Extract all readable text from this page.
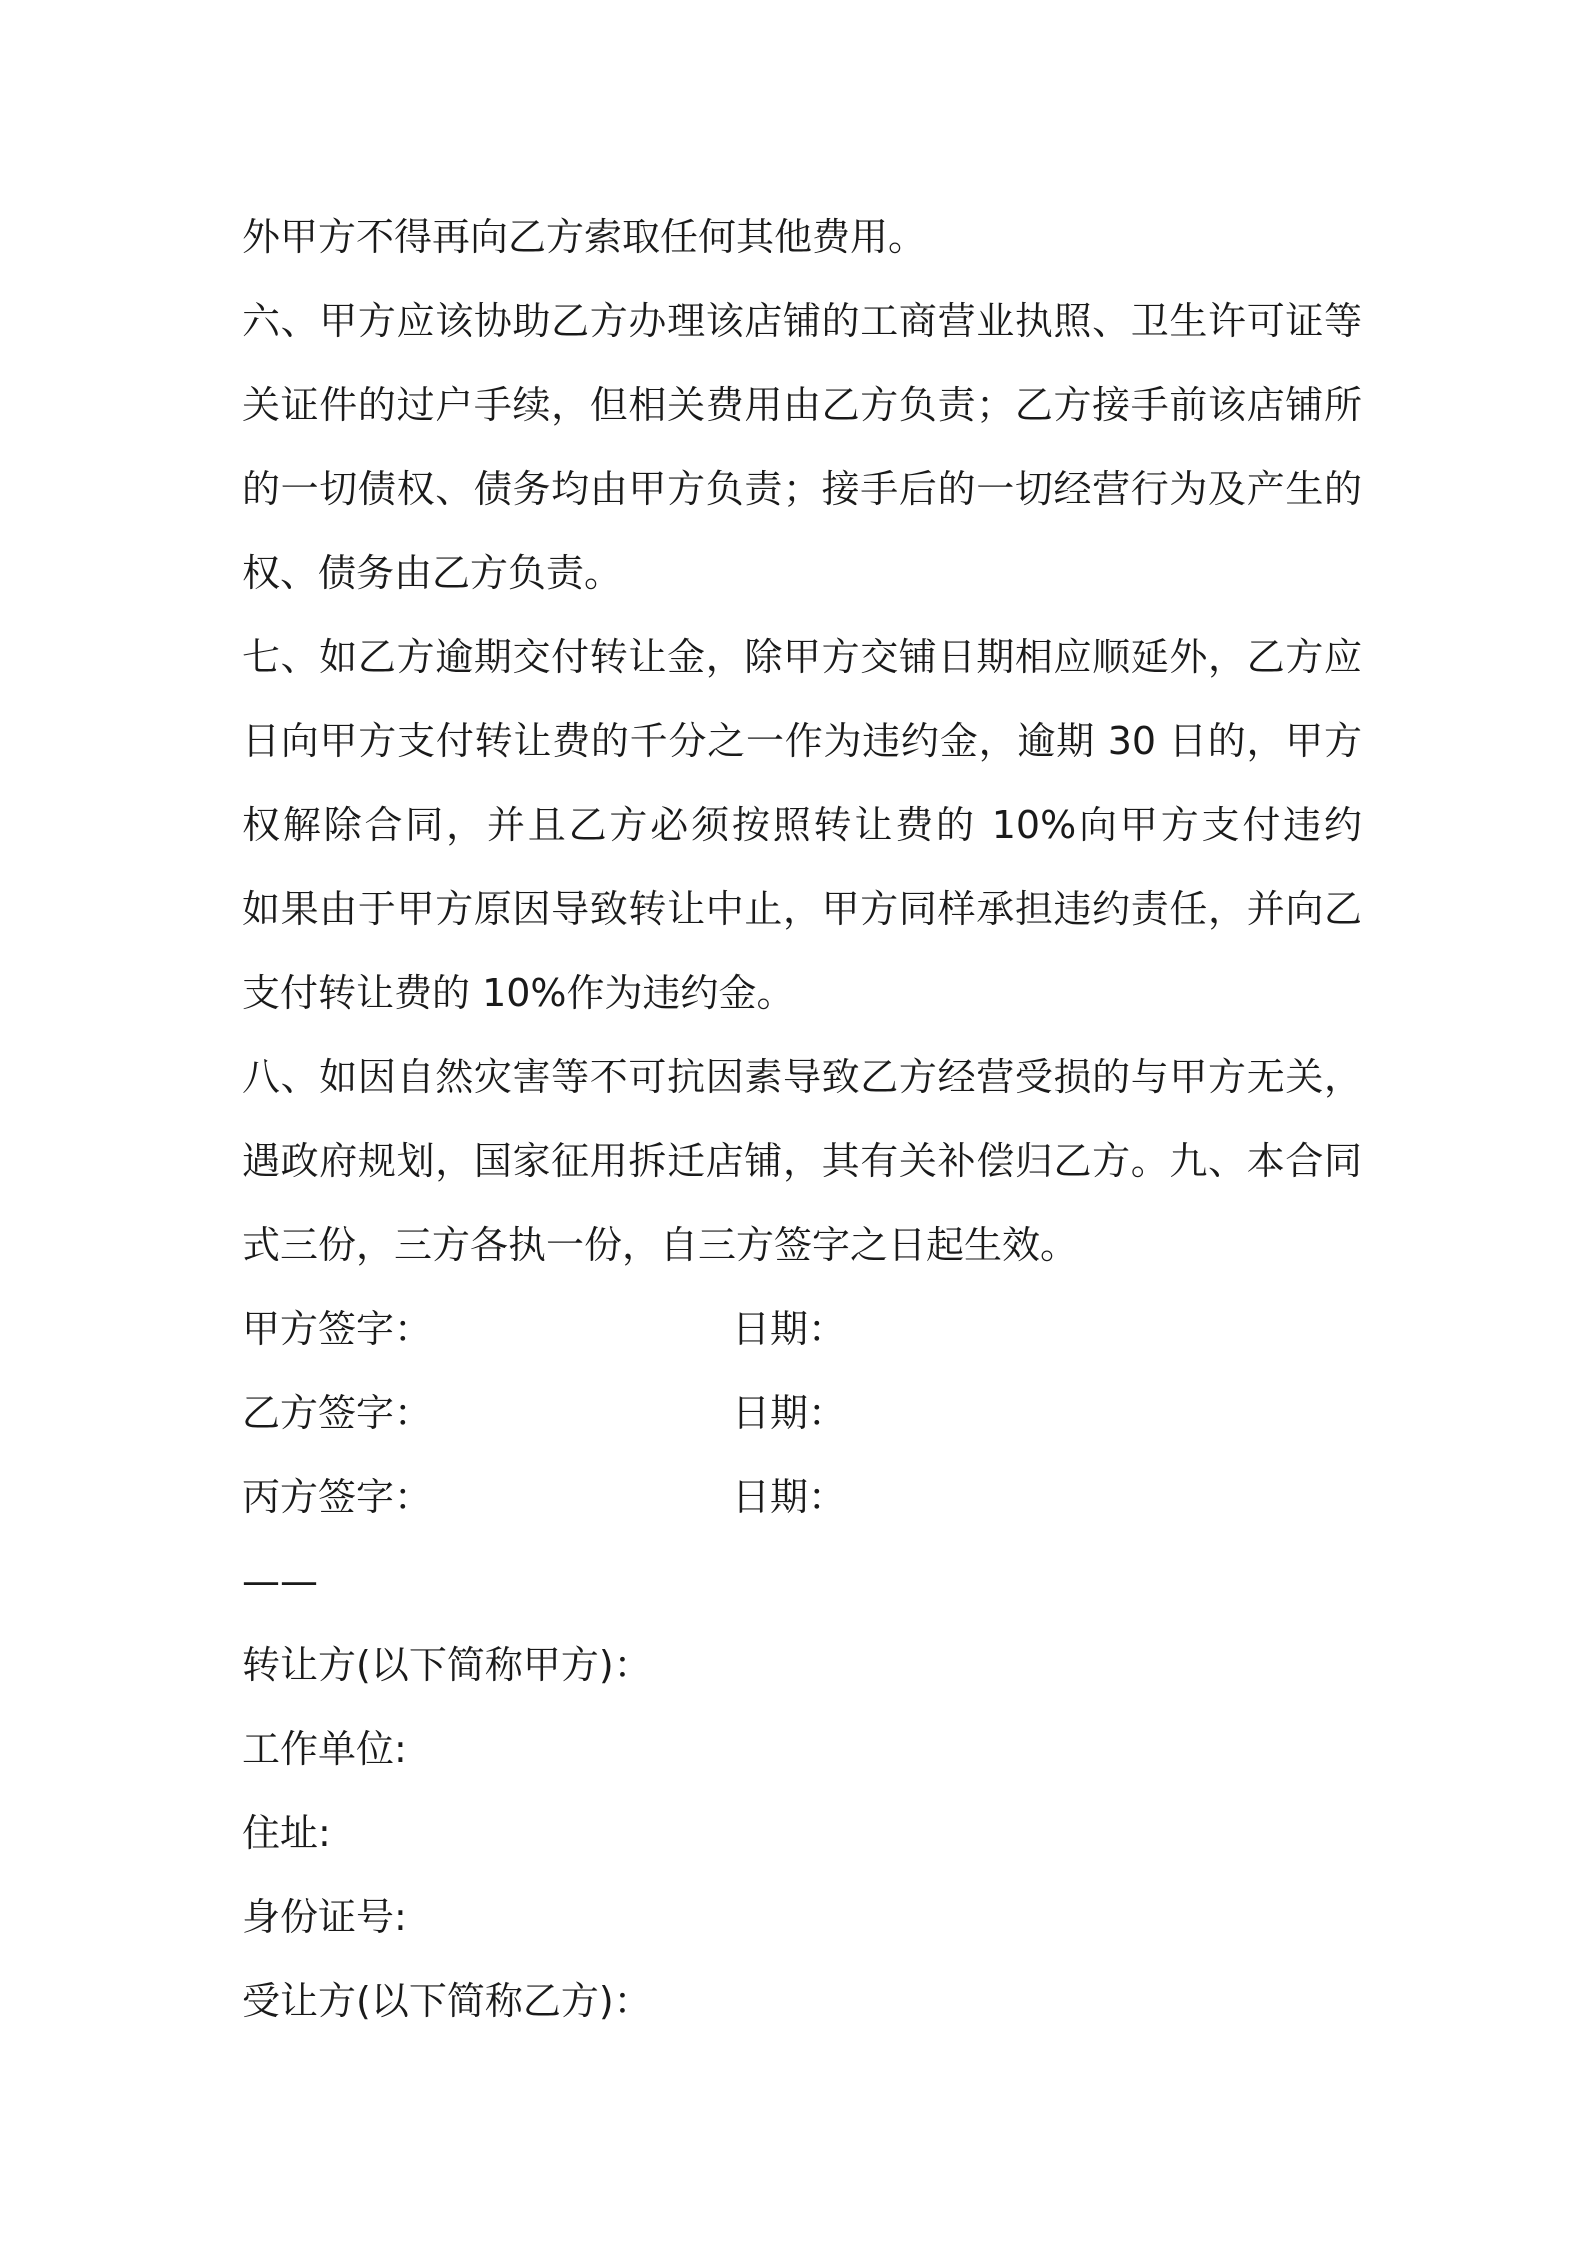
外甲方不得再向乙方索取任何其他费用。

六、甲方应该协助乙方办理该店铺的工商营业执照、卫生许可证等

关证件的过户手续，但相关费用由乙方负责；乙方接手前该店铺所

的一切债权、债务均由甲方负责；接手后的一切经营行为及产生的

权、债务由乙方负责。

七、如乙方逾期交付转让金，除甲方交铺日期相应顺延外，乙方应

日向甲方支付转让费的千分之一作为违约金，逾期 30 日的，甲方

权解除合同，并且乙方必须按照转让费的 10%向甲方支付违约

如果由于甲方原因导致转让中止，甲方同样承担违约责任，并向乙

支付转让费的 10%作为违约金。

八、如因自然灾害等不可抗因素导致乙方经营受损的与甲方无关，

遇政府规划，国家征用拆迁店铺，其有关补偿归乙方。九、本合同

式三份，三方各执一份，自三方签字之日起生效。

甲方签字：	日期：
乙方签字：	日期：
丙方签字：	日期：

——

转让方(以下简称甲方)：

工作单位:

住址:

身份证号:

受让方(以下简称乙方)：
